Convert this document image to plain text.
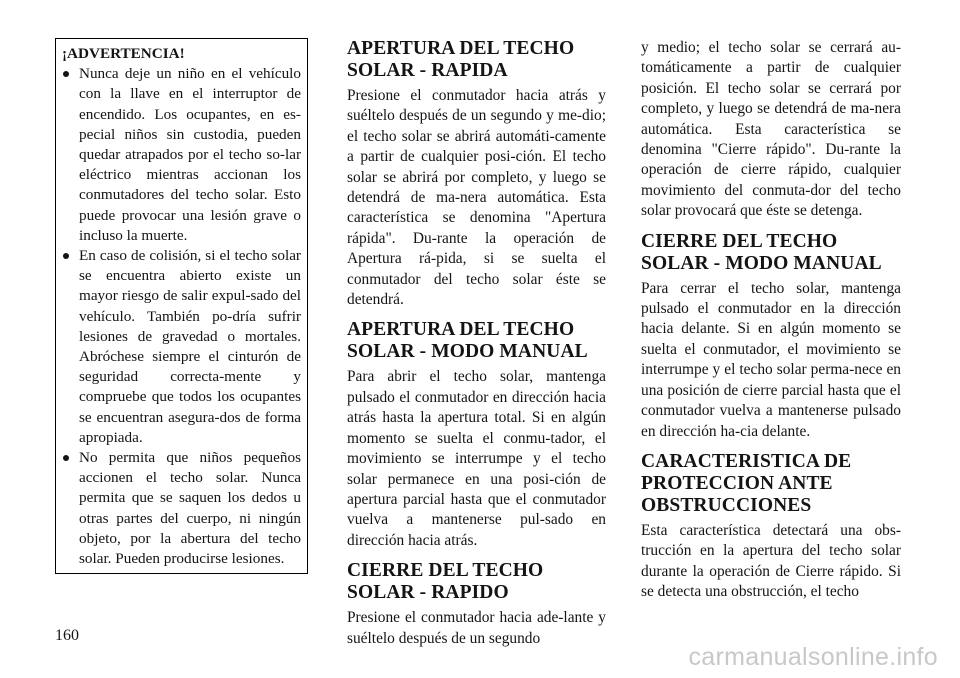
¡ADVERTENCIA!
Nunca deje un niño en el vehículo con la llave en el interruptor de encendido. Los ocupantes, en es-pecial niños sin custodia, pueden quedar atrapados por el techo so-lar eléctrico mientras accionan los conmutadores del techo solar. Esto puede provocar una lesión grave o incluso la muerte.
En caso de colisión, si el techo solar se encuentra abierto existe un mayor riesgo de salir expul-sado del vehículo. También po-dría sufrir lesiones de gravedad o mortales. Abróchese siempre el cinturón de seguridad correcta-mente y compruebe que todos los ocupantes se encuentran asegura-dos de forma apropiada.
No permita que niños pequeños accionen el techo solar. Nunca permita que se saquen los dedos u otras partes del cuerpo, ni ningún objeto, por la abertura del techo solar. Pueden producirse lesiones.
APERTURA DEL TECHO
SOLAR - RAPIDA

Presione el conmutador hacia atrás y suéltelo después de un segundo y me-dio; el techo solar se abrirá automáti-camente a partir de cualquier posi-ción. El techo solar se abrirá por completo, y luego se detendrá de ma-nera automática. Esta característica se denomina "Apertura rápida". Du-rante la operación de Apertura rá-pida, si se suelta el conmutador del techo solar éste se detendrá.

APERTURA DEL TECHO
SOLAR - MODO MANUAL

Para abrir el techo solar, mantenga pulsado el conmutador en dirección hacia atrás hasta la apertura total. Si en algún momento se suelta el conmu-tador, el movimiento se interrumpe y el techo solar permanece en una posi-ción de apertura parcial hasta que el conmutador vuelva a mantenerse pul-sado en dirección hacia atrás.

CIERRE DEL TECHO
SOLAR - RAPIDO

Presione el conmutador hacia ade-lante y suéltelo después de un segundo

y medio; el techo solar se cerrará au-tomáticamente a partir de cualquier posición. El techo solar se cerrará por completo, y luego se detendrá de ma-nera automática. Esta característica se denomina "Cierre rápido". Du-rante la operación de cierre rápido, cualquier movimiento del conmuta-dor del techo solar provocará que éste se detenga.

CIERRE DEL TECHO
SOLAR - MODO MANUAL

Para cerrar el techo solar, mantenga pulsado el conmutador en la dirección hacia delante. Si en algún momento se suelta el conmutador, el movimiento se interrumpe y el techo solar perma-nece en una posición de cierre parcial hasta que el conmutador vuelva a mantenerse pulsado en dirección ha-cia delante.

CARACTERISTICA DE
PROTECCION ANTE
OBSTRUCCIONES

Esta característica detectará una obs-trucción en la apertura del techo solar durante la operación de Cierre rápido. Si se detecta una obstrucción, el techo

160
carmanualsonline.info
